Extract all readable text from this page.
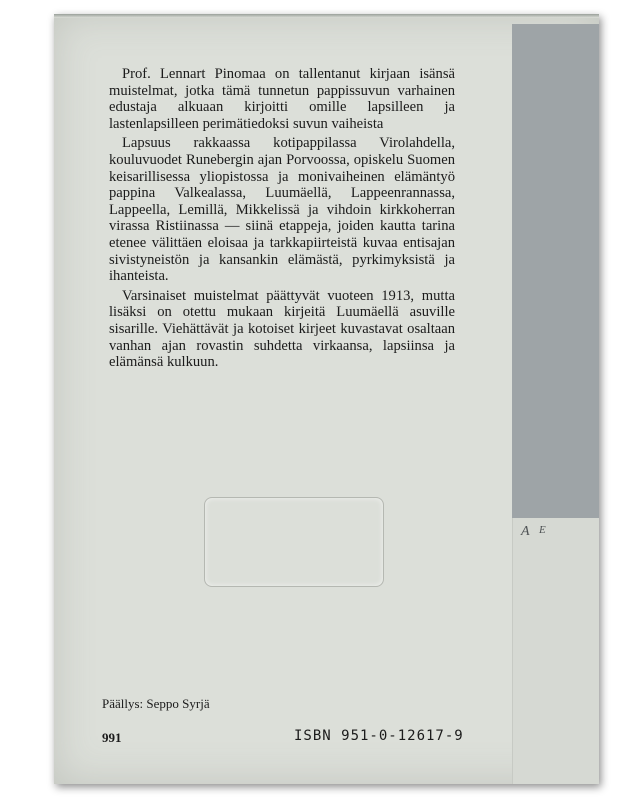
A E

Prof. Lennart Pinomaa on tallentanut kirjaan isänsä muistelmat, jotka tämä tunnetun pappissuvun varhainen edustaja alkuaan kirjoitti omille lapsilleen ja lastenlapsilleen perimätiedoksi suvun vaiheista

Lapsuus rakkaassa kotipappilassa Virolahdella, kouluvuodet Runebergin ajan Porvoossa, opiskelu Suomen keisarillisessa yliopistossa ja monivaiheinen elämäntyö pappina Valkealassa, Luumäellä, Lappeenrannassa, Lappeella, Lemillä, Mikkelissä ja vihdoin kirkkoherran virassa Ristiinassa — siinä etappeja, joiden kautta tarina etenee välittäen eloisaa ja tarkkapiirteistä kuvaa entisajan sivistyneistön ja kansankin elämästä, pyrkimyksistä ja ihanteista.

Varsinaiset muistelmat päättyvät vuoteen 1913, mutta lisäksi on otettu mukaan kirjeitä Luumäellä asuville sisarille. Viehättävät ja kotoiset kirjeet kuvastavat osaltaan vanhan ajan rovastin suhdetta virkaansa, lapsiinsa ja elämänsä kulkuun.

Päällys: Seppo Syrjä
991	ISBN 951-0-12617-9
